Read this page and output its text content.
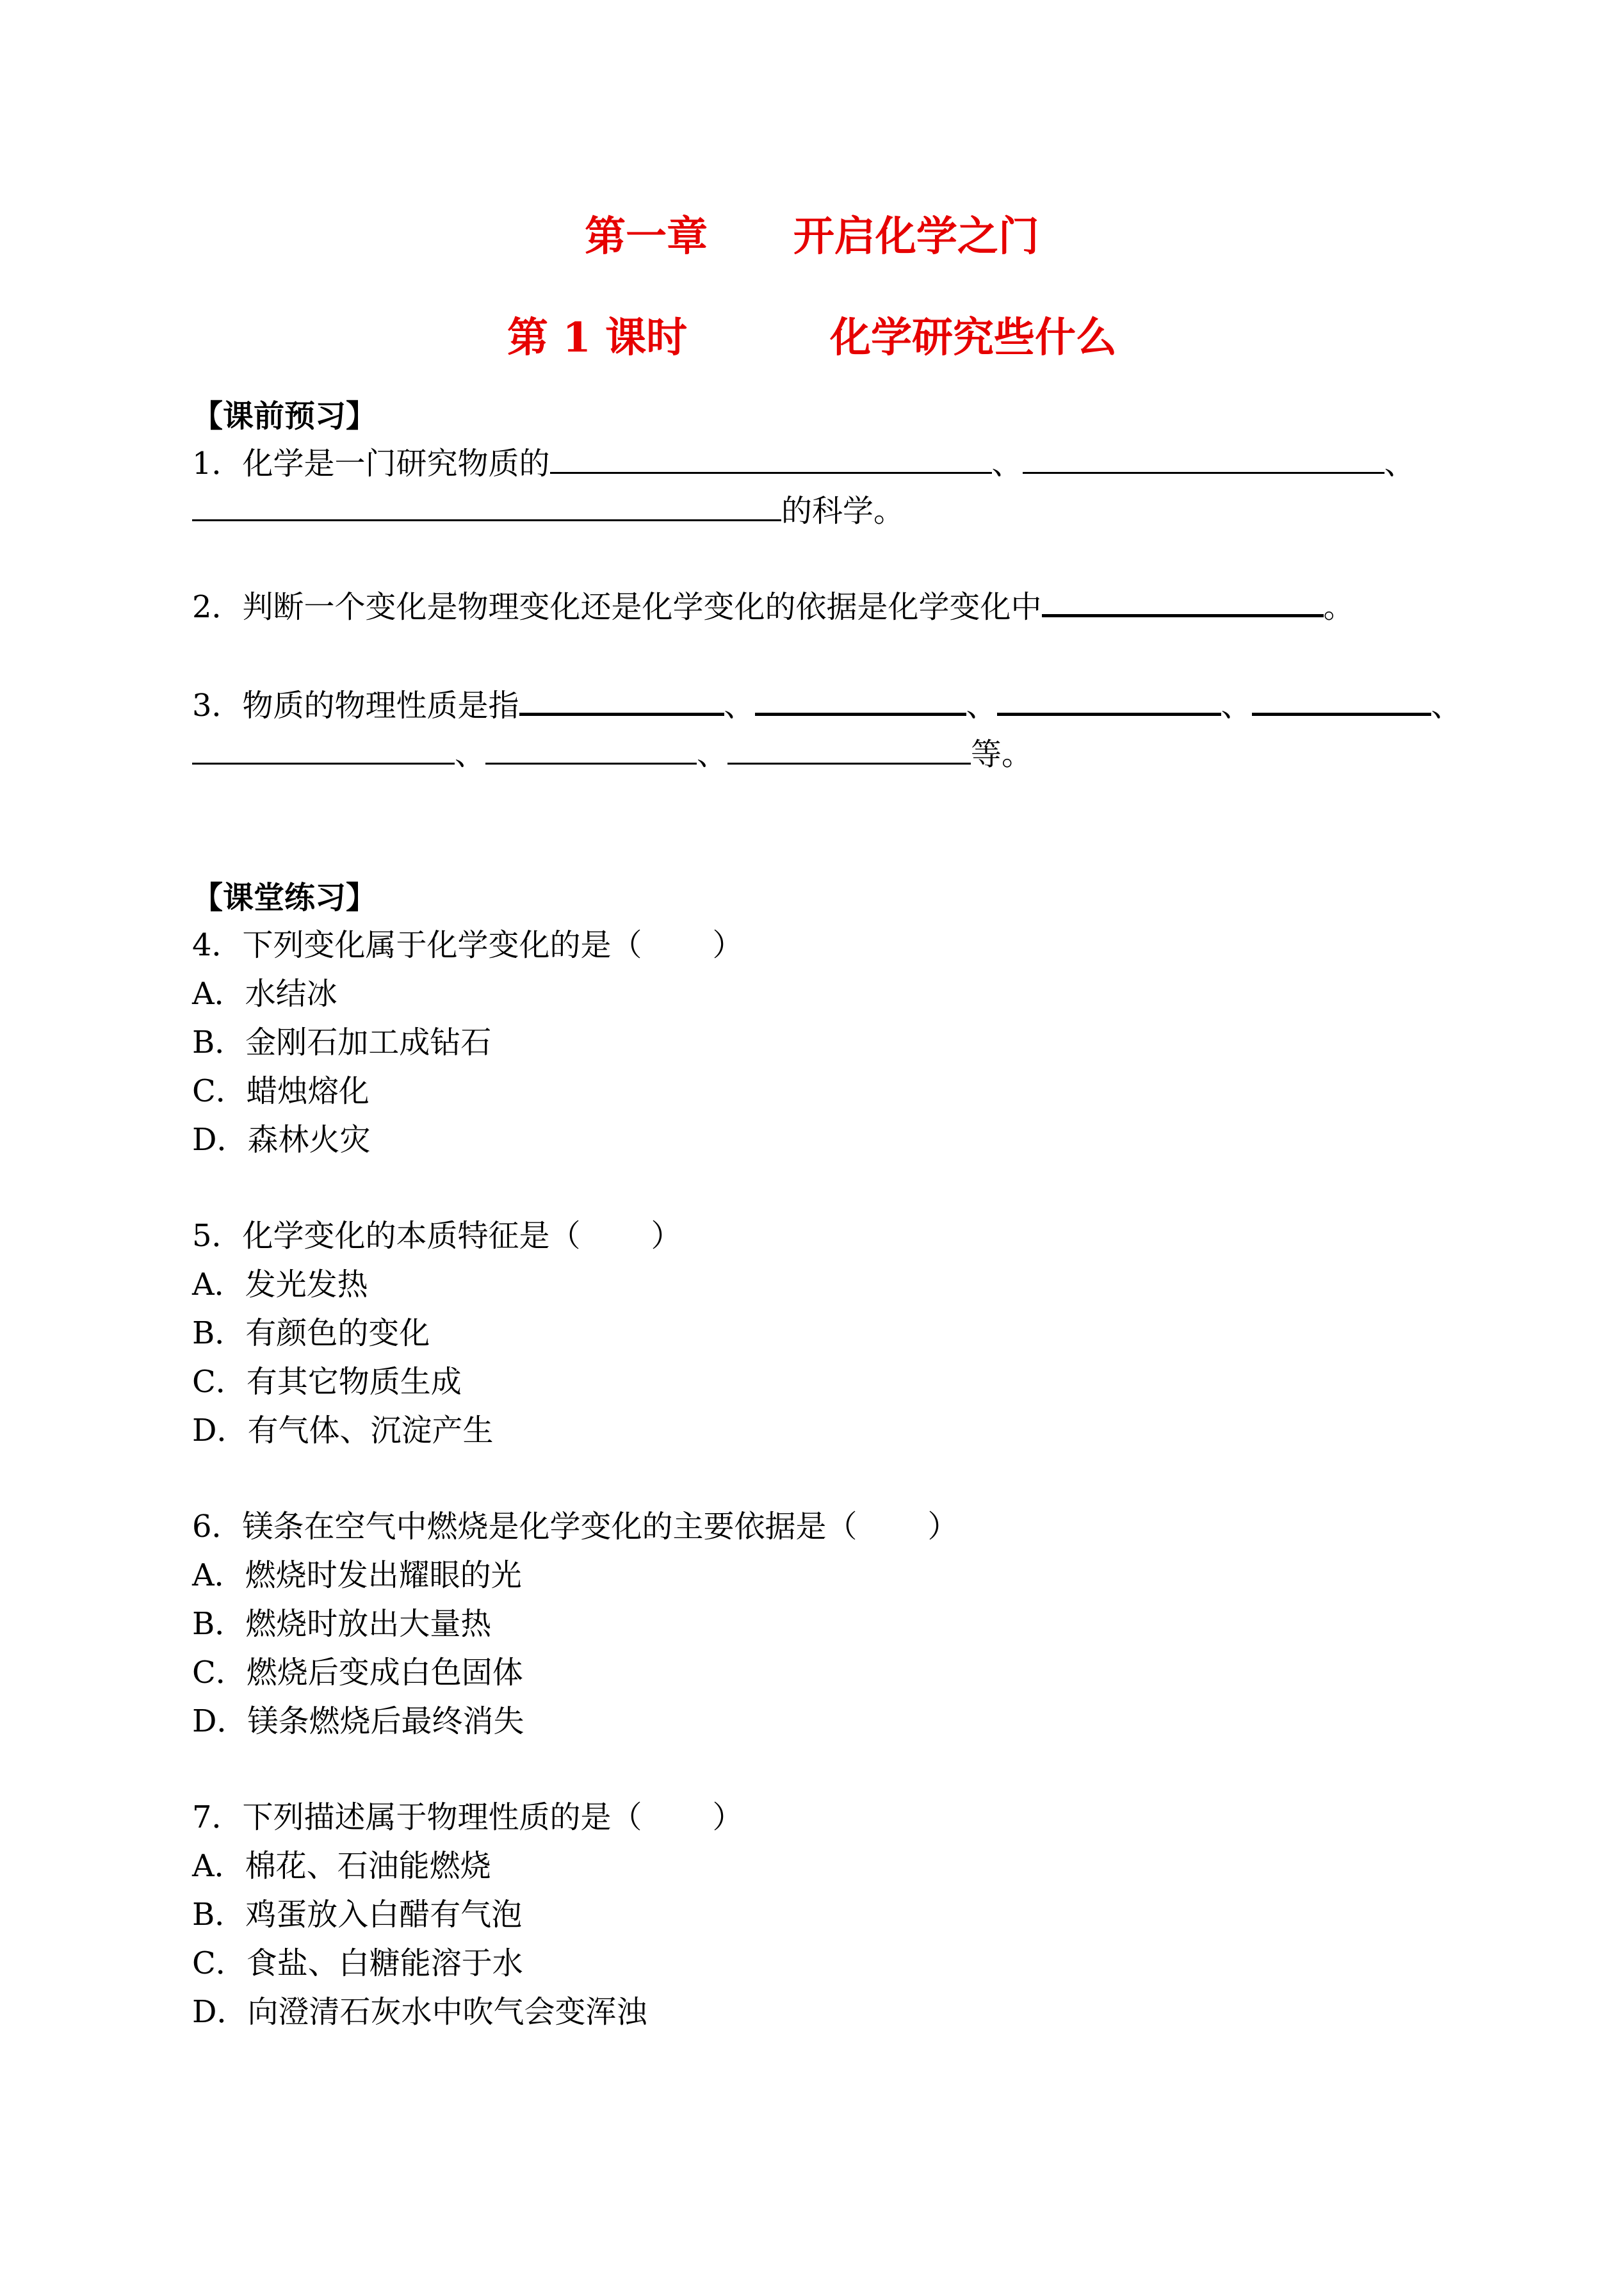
第一章      开启化学之门
第 1 课时          化学研究些什么
【课前预习】
1．化学是一门研究物质的	、	、
的科学。
2．判断一个变化是物理变化还是化学变化的依据是化学变化中	。
3．物质的物理性质是指	、	、	、	、
、	、	等。
【课堂练习】
4．下列变化属于化学变化的是（ ）
A．水结冰
B．金刚石加工成钻石
C．蜡烛熔化
D．森林火灾
5．化学变化的本质特征是（ ）
A．发光发热
B．有颜色的变化
C．有其它物质生成
D．有气体、沉淀产生
6．镁条在空气中燃烧是化学变化的主要依据是（ ）
A．燃烧时发出耀眼的光
B．燃烧时放出大量热
C．燃烧后变成白色固体
D．镁条燃烧后最终消失
7．下列描述属于物理性质的是（ ）
A．棉花、石油能燃烧
B．鸡蛋放入白醋有气泡
C．食盐、白糖能溶于水
D．向澄清石灰水中吹气会变浑浊
